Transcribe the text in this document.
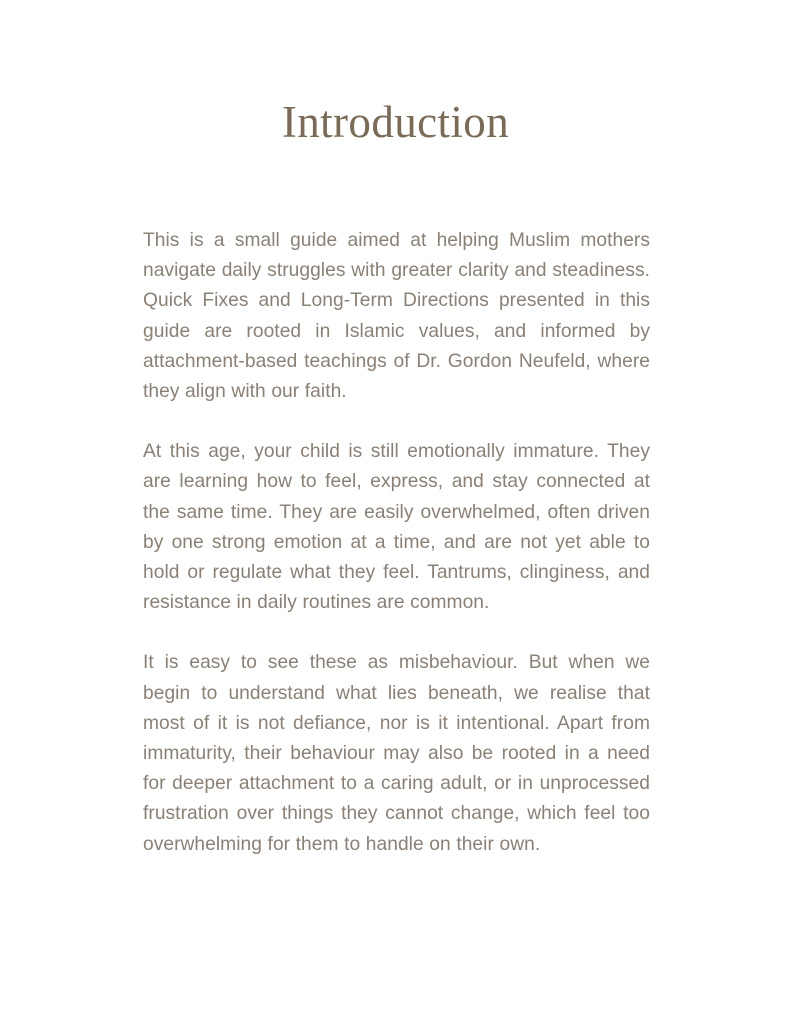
Introduction

This is a small guide aimed at helping Muslim mothers navigate daily struggles with greater clarity and steadiness. Quick Fixes and Long-Term Directions presented in this guide are rooted in Islamic values, and informed by attachment-based teachings of Dr. Gordon Neufeld, where they align with our faith.

At this age, your child is still emotionally immature. They are learning how to feel, express, and stay connected at the same time. They are easily overwhelmed, often driven by one strong emotion at a time, and are not yet able to hold or regulate what they feel. Tantrums, clinginess, and resistance in daily routines are common.

It is easy to see these as misbehaviour. But when we begin to understand what lies beneath, we realise that most of it is not defiance, nor is it intentional. Apart from immaturity, their behaviour may also be rooted in a need for deeper attachment to a caring adult, or in unprocessed frustration over things they cannot change, which feel too overwhelming for them to handle on their own.
